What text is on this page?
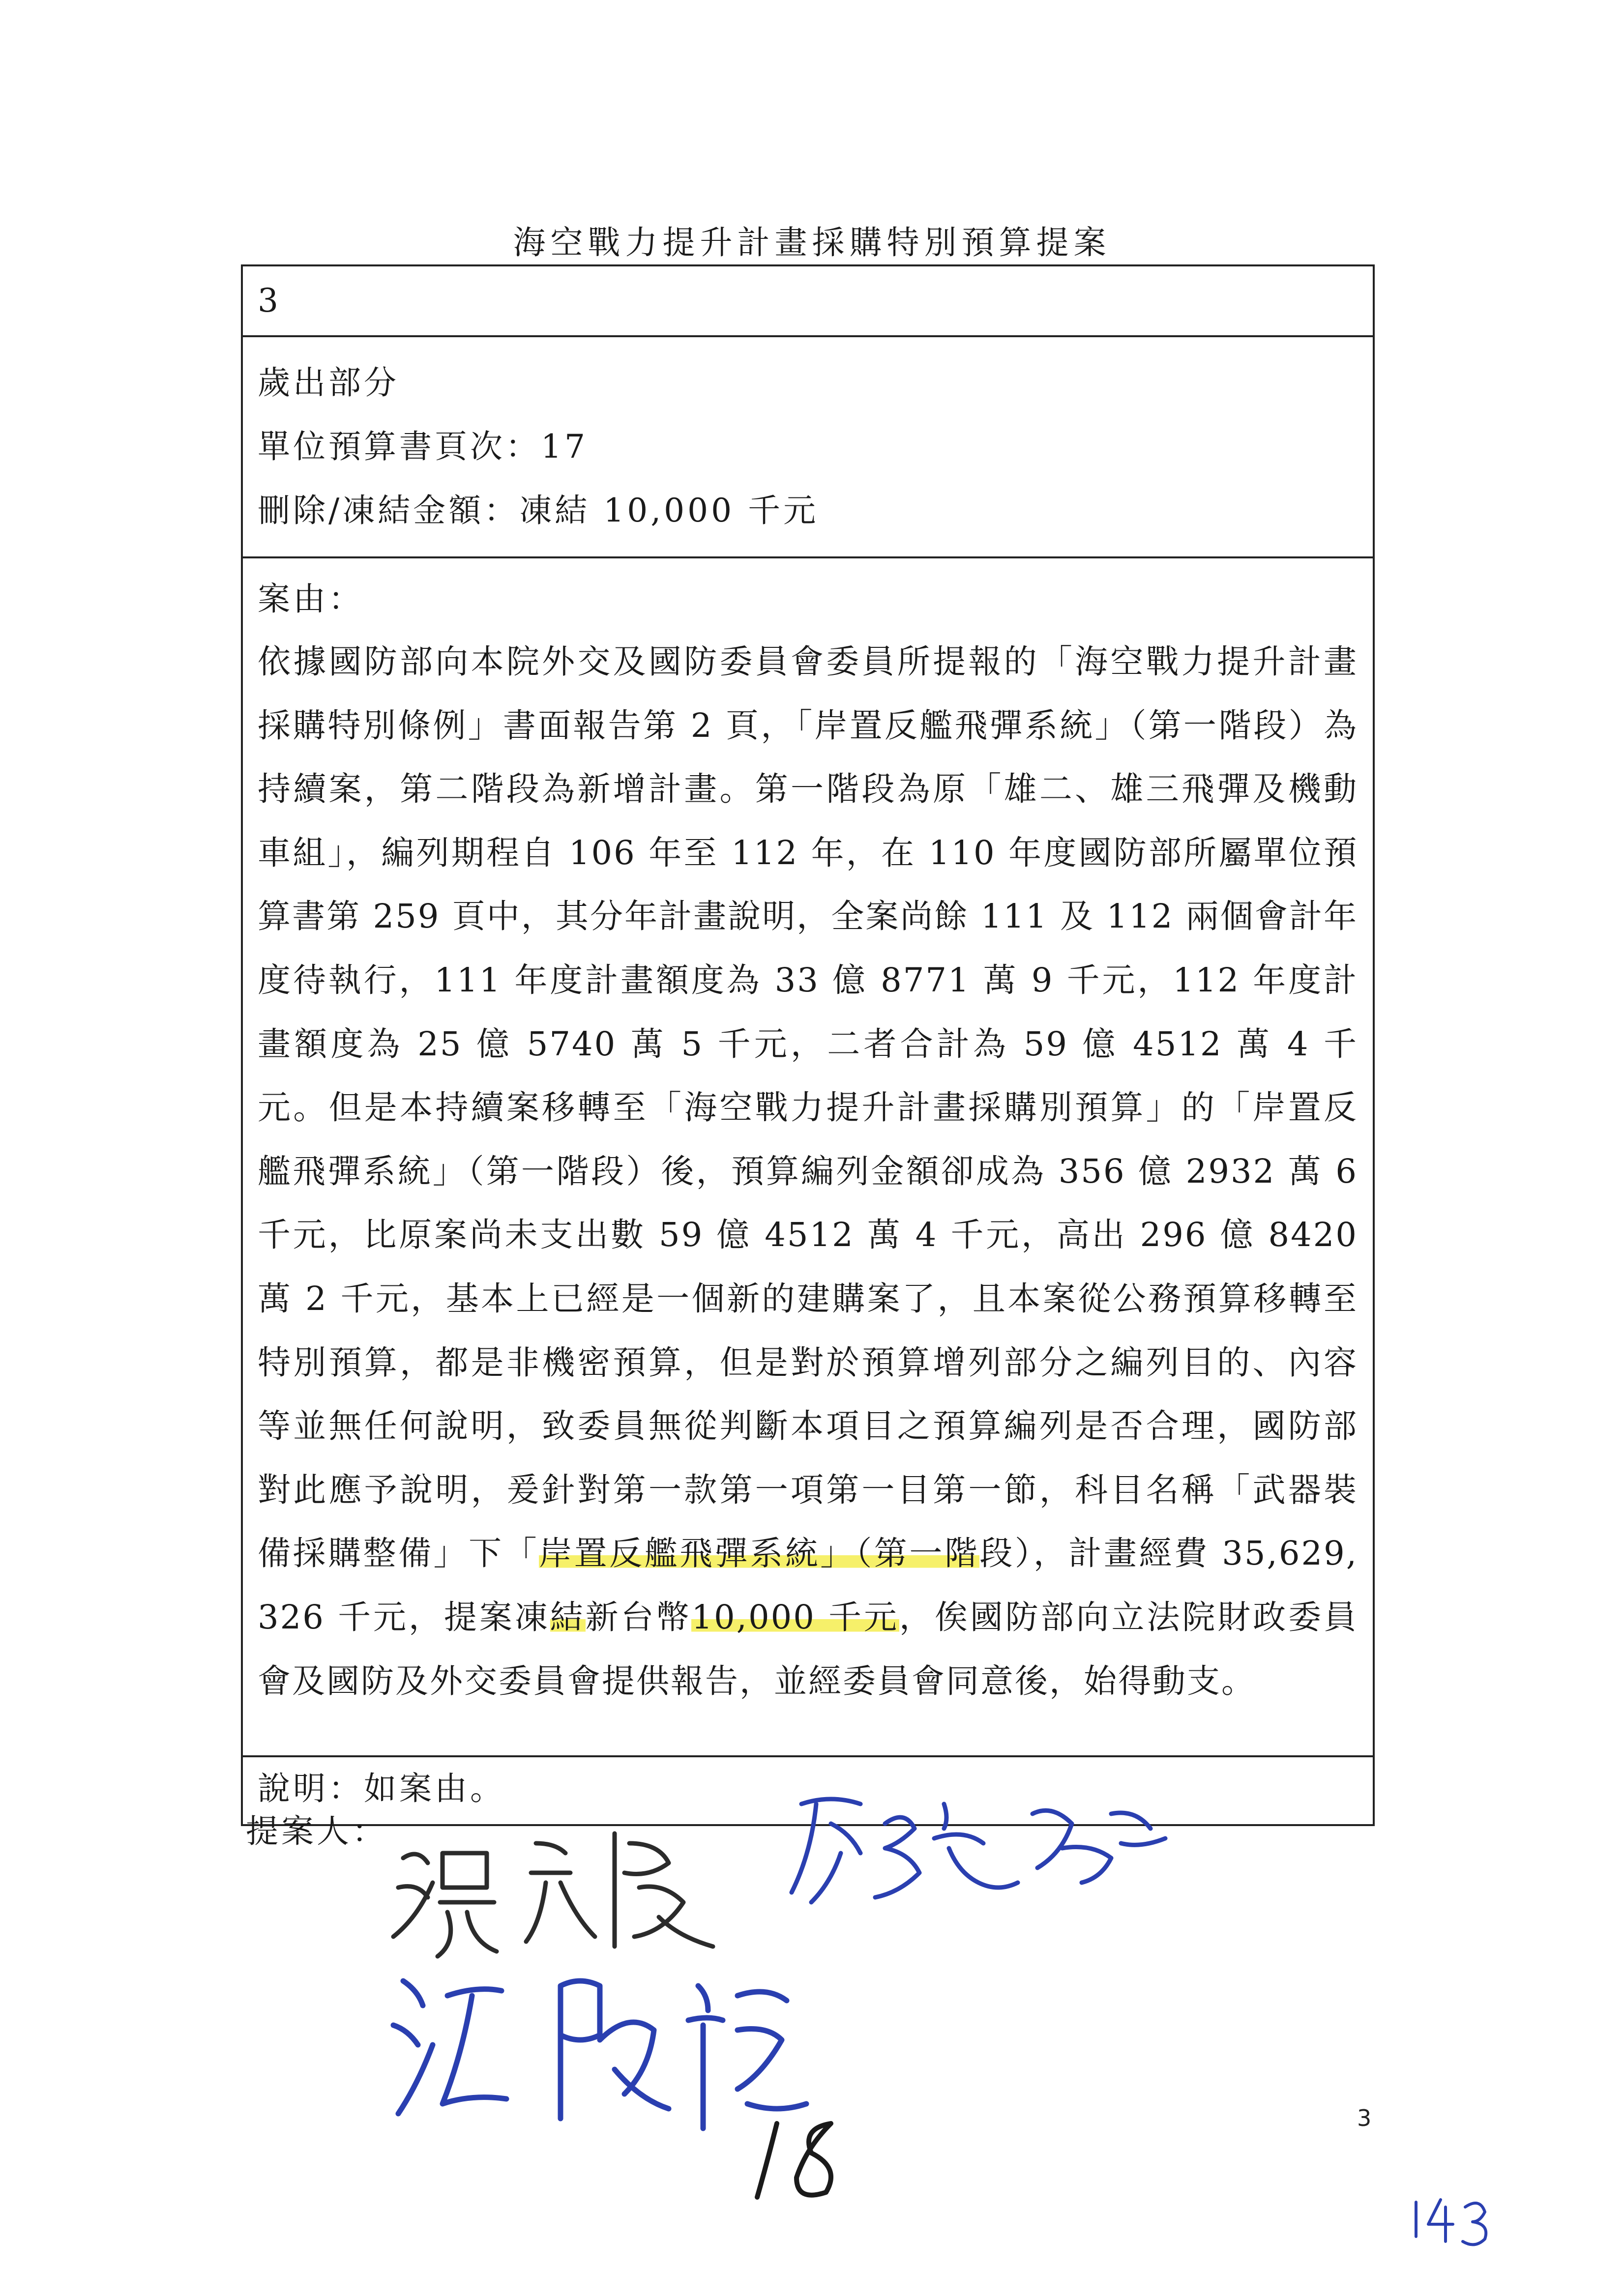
海空戰力提升計畫採購特別預算提案
3
歲出部分
單位預算書頁次：17
刪除/凍結金額：凍結 10,000 千元
案由：
依據國防部向本院外交及國防委員會委員所提報的「海空戰力提升計畫採購特別條例」書面報告第 2 頁，「岸置反艦飛彈系統」（第一階段）為持續案，第二階段為新增計畫。第一階段為原「雄二、雄三飛彈及機動車組」，編列期程自 106 年至 112 年，在 110 年度國防部所屬單位預算書第 259 頁中，其分年計畫說明，全案尚餘 111 及 112 兩個會計年度待執行，111 年度計畫額度為 33 億 8771 萬 9 千元，112 年度計畫額度為 25 億 5740 萬 5 千元，二者合計為 59 億 4512 萬 4 千元。但是本持續案移轉至「海空戰力提升計畫採購別預算」的「岸置反艦飛彈系統」（第一階段）後，預算編列金額卻成為 356 億 2932 萬 6 千元，比原案尚未支出數 59 億 4512 萬 4 千元，高出 296 億 8420 萬 2 千元，基本上已經是一個新的建購案了，且本案從公務預算移轉至特別預算，都是非機密預算，但是對於預算增列部分之編列目的、內容等並無任何說明，致委員無從判斷本項目之預算編列是否合理，國防部對此應予說明，爰針對第一款第一項第一目第一節，科目名稱「武器裝備採購整備」下「岸置反艦飛彈系統」（第一階段），計畫經費 35,629,326 千元，提案凍結新台幣10,000 千元，俟國防部向立法院財政委員會及國防及外交委員會提供報告，並經委員會同意後，始得動支。
說明：如案由。
提案人：
3
